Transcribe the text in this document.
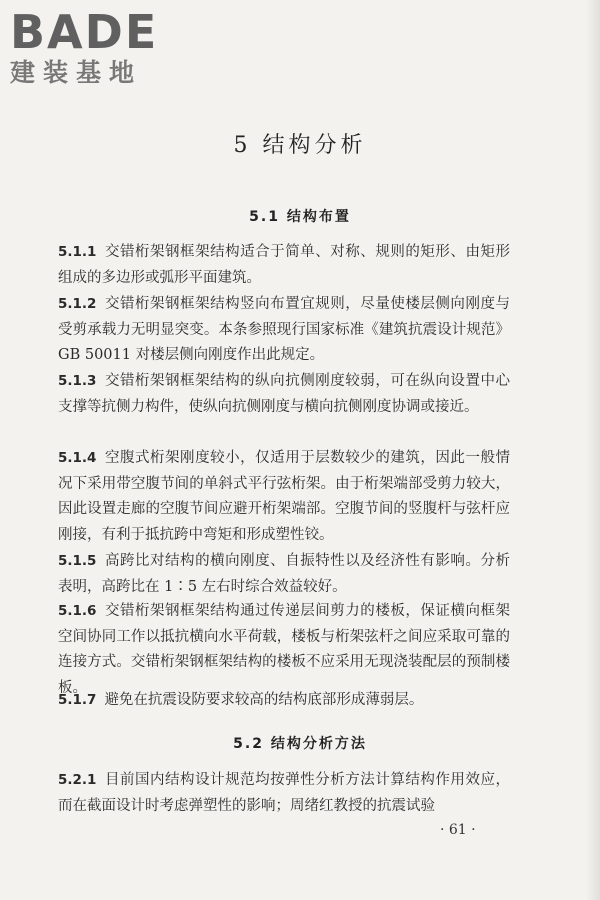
BADE
建装基地
5 结构分析
5.1 结构布置
5.1.1 交错桁架钢框架结构适合于简单、对称、规则的矩形、由矩形组成的多边形或弧形平面建筑。
5.1.2 交错桁架钢框架结构竖向布置宜规则，尽量使楼层侧向刚度与受剪承载力无明显突变。本条参照现行国家标准《建筑抗震设计规范》GB 50011 对楼层侧向刚度作出此规定。
5.1.3 交错桁架钢框架结构的纵向抗侧刚度较弱，可在纵向设置中心支撑等抗侧力构件，使纵向抗侧刚度与横向抗侧刚度协调或接近。
5.1.4 空腹式桁架刚度较小，仅适用于层数较少的建筑，因此一般情况下采用带空腹节间的单斜式平行弦桁架。由于桁架端部受剪力较大，因此设置走廊的空腹节间应避开桁架端部。空腹节间的竖腹杆与弦杆应刚接，有利于抵抗跨中弯矩和形成塑性铰。
5.1.5 高跨比对结构的横向刚度、自振特性以及经济性有影响。分析表明，高跨比在 1∶5 左右时综合效益较好。
5.1.6 交错桁架钢框架结构通过传递层间剪力的楼板，保证横向框架空间协同工作以抵抗横向水平荷载，楼板与桁架弦杆之间应采取可靠的连接方式。交错桁架钢框架结构的楼板不应采用无现浇装配层的预制楼板。
5.1.7 避免在抗震设防要求较高的结构底部形成薄弱层。
5.2 结构分析方法
5.2.1 目前国内结构设计规范均按弹性分析方法计算结构作用效应，而在截面设计时考虑弹塑性的影响；周绪红教授的抗震试验
· 61 ·
